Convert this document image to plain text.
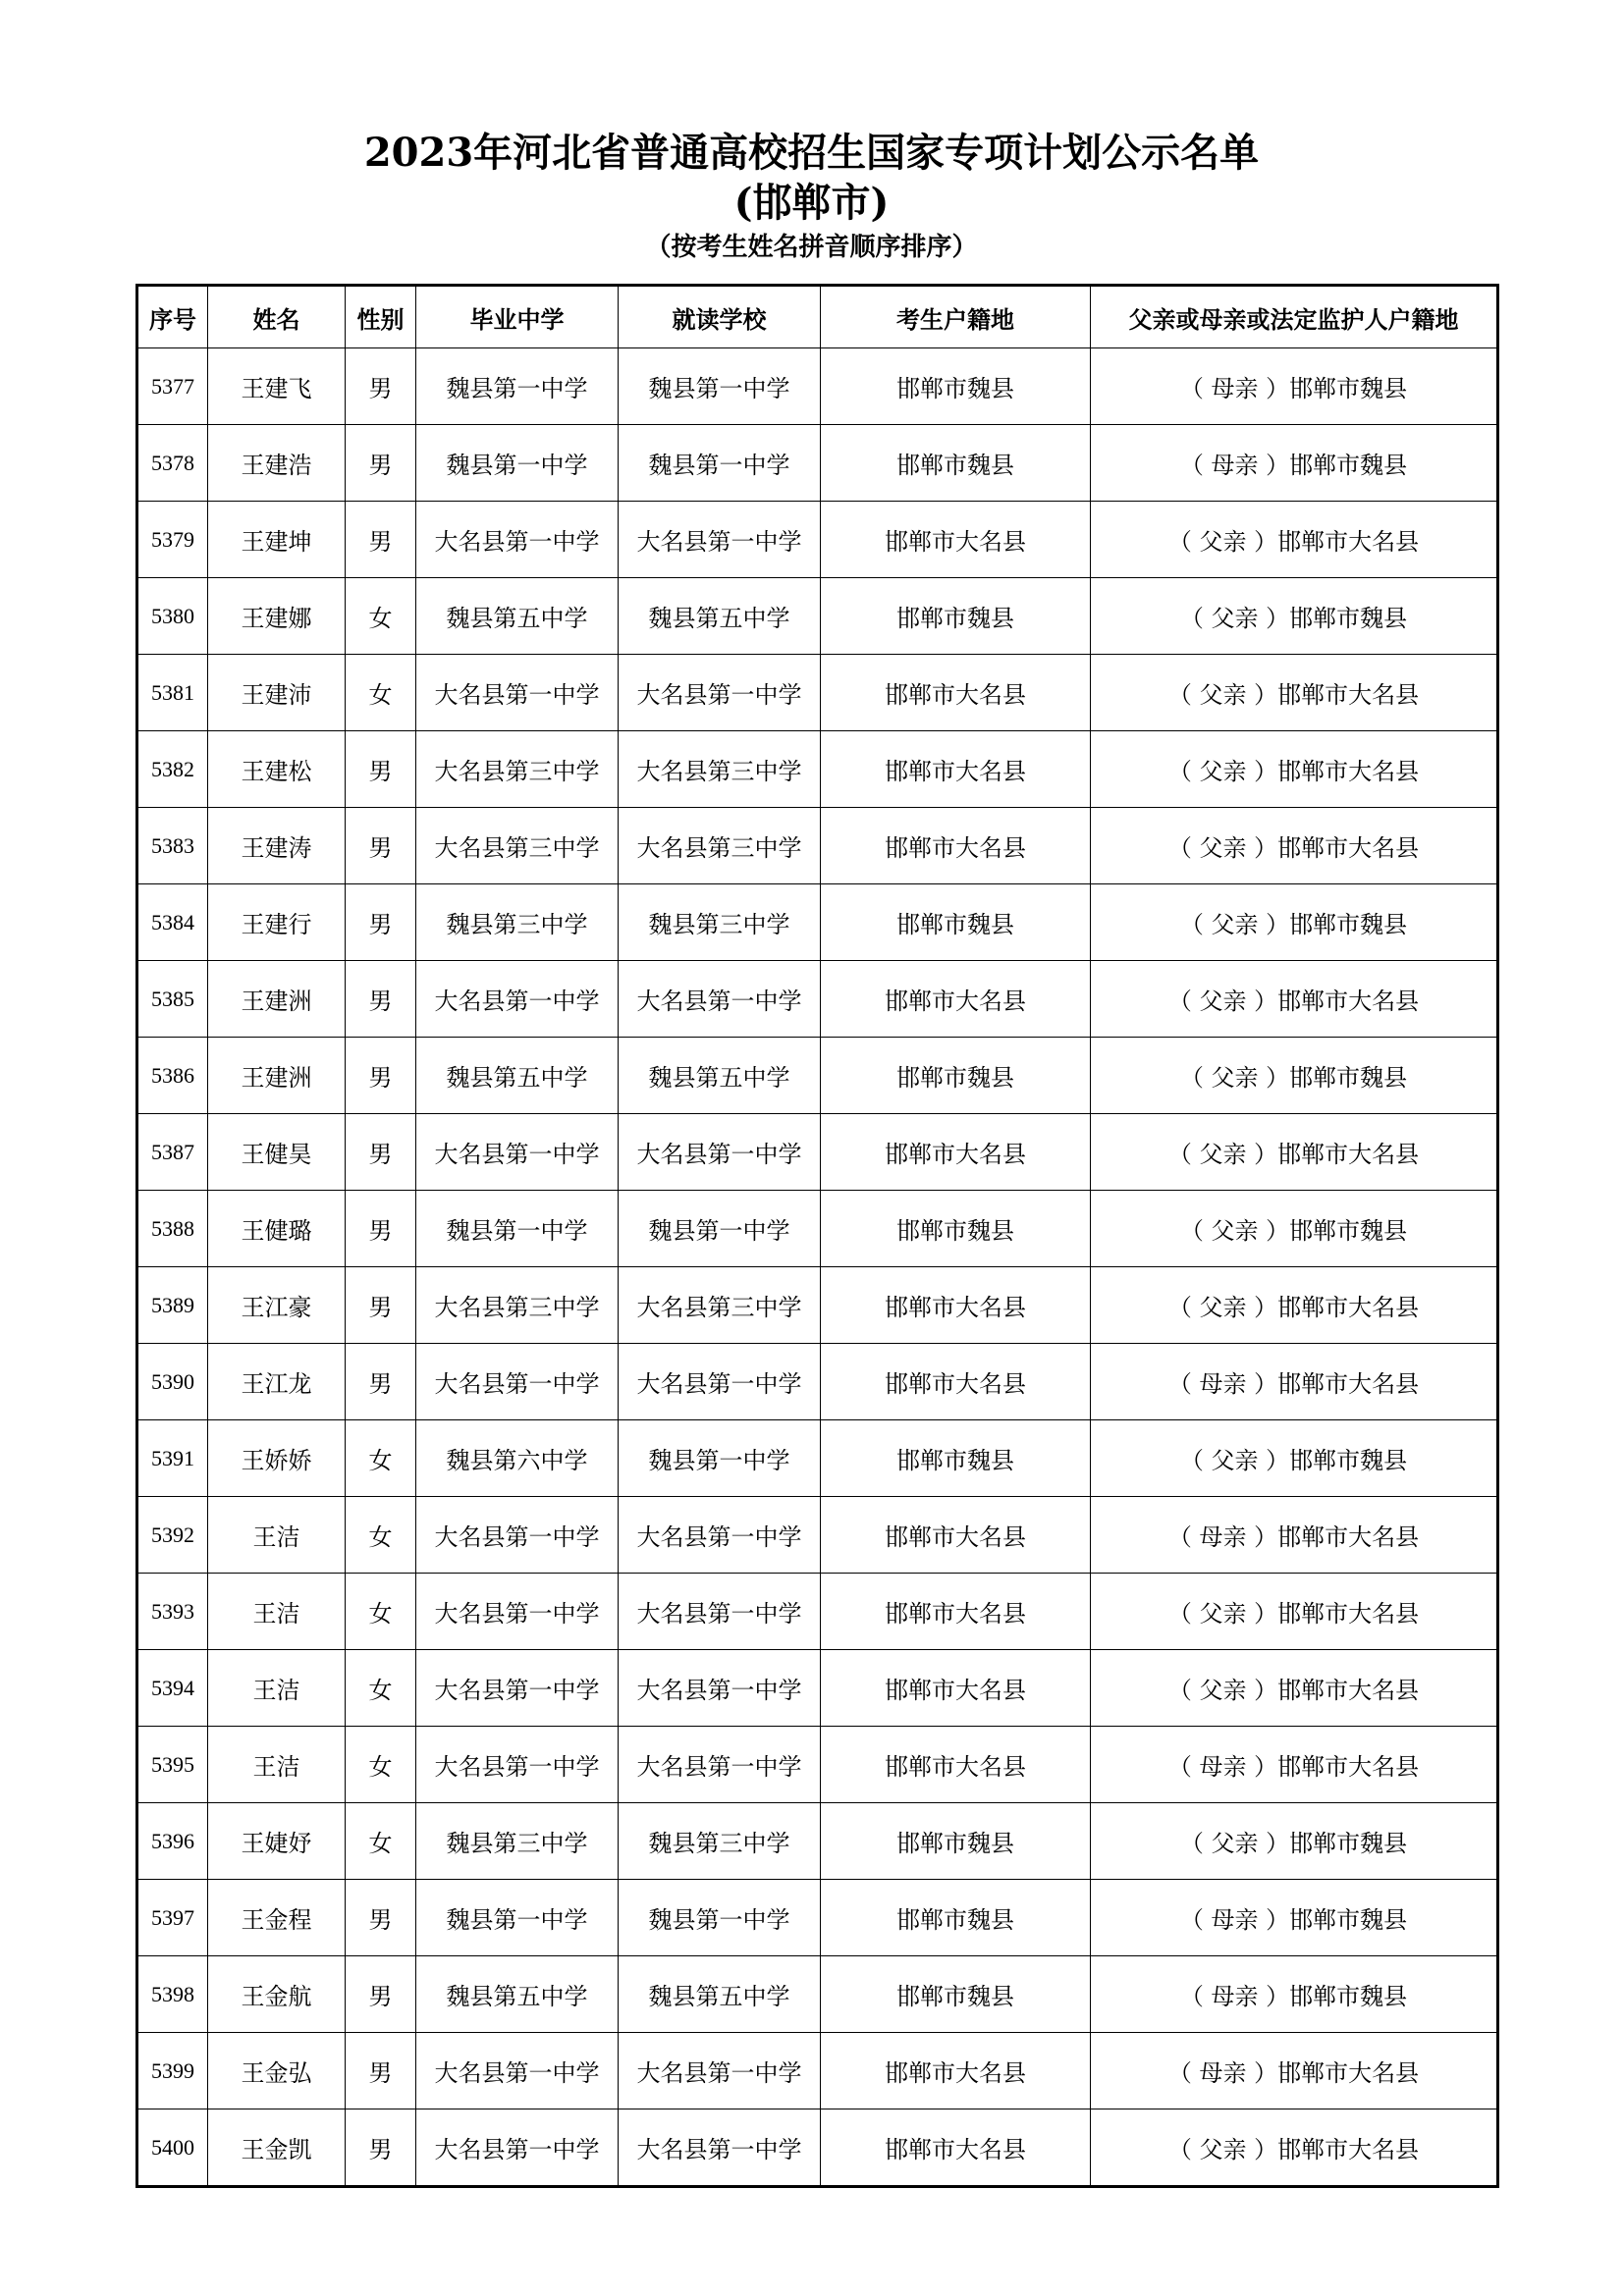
2023年河北省普通高校招生国家专项计划公示名单
(邯郸市)
（按考生姓名拼音顺序排序）
序号	姓名	性别	毕业中学	就读学校	考生户籍地	父亲或母亲或法定监护人户籍地
5377	王建飞	男	魏县第一中学	魏县第一中学	邯郸市魏县	（ 母亲 ）邯郸市魏县
5378	王建浩	男	魏县第一中学	魏县第一中学	邯郸市魏县	（ 母亲 ）邯郸市魏县
5379	王建坤	男	大名县第一中学	大名县第一中学	邯郸市大名县	（ 父亲 ）邯郸市大名县
5380	王建娜	女	魏县第五中学	魏县第五中学	邯郸市魏县	（ 父亲 ）邯郸市魏县
5381	王建沛	女	大名县第一中学	大名县第一中学	邯郸市大名县	（ 父亲 ）邯郸市大名县
5382	王建松	男	大名县第三中学	大名县第三中学	邯郸市大名县	（ 父亲 ）邯郸市大名县
5383	王建涛	男	大名县第三中学	大名县第三中学	邯郸市大名县	（ 父亲 ）邯郸市大名县
5384	王建行	男	魏县第三中学	魏县第三中学	邯郸市魏县	（ 父亲 ）邯郸市魏县
5385	王建洲	男	大名县第一中学	大名县第一中学	邯郸市大名县	（ 父亲 ）邯郸市大名县
5386	王建洲	男	魏县第五中学	魏县第五中学	邯郸市魏县	（ 父亲 ）邯郸市魏县
5387	王健昊	男	大名县第一中学	大名县第一中学	邯郸市大名县	（ 父亲 ）邯郸市大名县
5388	王健璐	男	魏县第一中学	魏县第一中学	邯郸市魏县	（ 父亲 ）邯郸市魏县
5389	王江豪	男	大名县第三中学	大名县第三中学	邯郸市大名县	（ 父亲 ）邯郸市大名县
5390	王江龙	男	大名县第一中学	大名县第一中学	邯郸市大名县	（ 母亲 ）邯郸市大名县
5391	王娇娇	女	魏县第六中学	魏县第一中学	邯郸市魏县	（ 父亲 ）邯郸市魏县
5392	王洁	女	大名县第一中学	大名县第一中学	邯郸市大名县	（ 母亲 ）邯郸市大名县
5393	王洁	女	大名县第一中学	大名县第一中学	邯郸市大名县	（ 父亲 ）邯郸市大名县
5394	王洁	女	大名县第一中学	大名县第一中学	邯郸市大名县	（ 父亲 ）邯郸市大名县
5395	王洁	女	大名县第一中学	大名县第一中学	邯郸市大名县	（ 母亲 ）邯郸市大名县
5396	王婕妤	女	魏县第三中学	魏县第三中学	邯郸市魏县	（ 父亲 ）邯郸市魏县
5397	王金程	男	魏县第一中学	魏县第一中学	邯郸市魏县	（ 母亲 ）邯郸市魏县
5398	王金航	男	魏县第五中学	魏县第五中学	邯郸市魏县	（ 母亲 ）邯郸市魏县
5399	王金弘	男	大名县第一中学	大名县第一中学	邯郸市大名县	（ 母亲 ）邯郸市大名县
5400	王金凯	男	大名县第一中学	大名县第一中学	邯郸市大名县	（ 父亲 ）邯郸市大名县
